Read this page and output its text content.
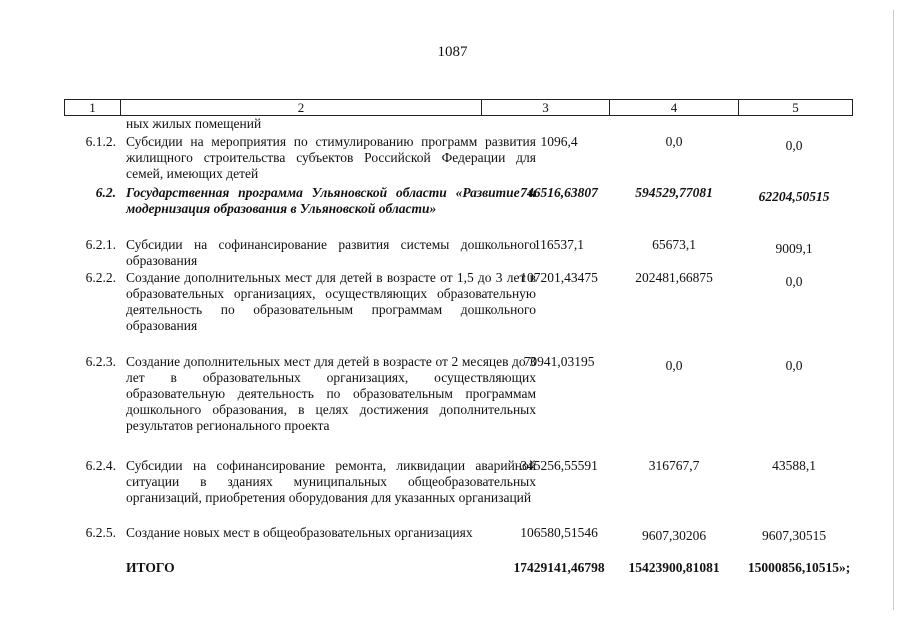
1087
1	2	3	4	5
ных жилых помещений
6.1.2. Субсидии на мероприятия по стимулированию программ развития жилищного строительства субъектов Российской Федерации для семей, имеющих детей
1096,4	0,0	0,0
6.2. Государственная программа Ульяновской области «Развитие и модернизация образования в Ульяновской области»
746516,63807	594529,77081	62204,50515
6.2.1. Субсидии на софинансирование развития системы дошкольного образования
116537,1	65673,1	9009,1
6.2.2. Создание дополнительных мест для детей в возрасте от 1,5 до 3 лет в образовательных организациях, осуществляющих образовательную деятельность по образовательным программам дошкольного образования
107201,43475	202481,66875	0,0
6.2.3. Создание дополнительных мест для детей в возрасте от 2 месяцев до 3 лет в образовательных организациях, осуществляющих образовательную деятельность по образовательным программам дошкольного образования, в целях достижения дополнительных результатов регионального проекта
70941,03195	0,0	0,0
6.2.4. Субсидии на софинансирование ремонта, ликвидации аварийной ситуации в зданиях муниципальных общеобразовательных организаций, приобретения оборудования для указанных организаций
345256,55591	316767,7	43588,1
6.2.5. Создание новых мест в общеобразовательных организациях	106580,51546	9607,30206	9607,30515
ИТОГО	17429141,46798	15423900,81081	15000856,10515»;
